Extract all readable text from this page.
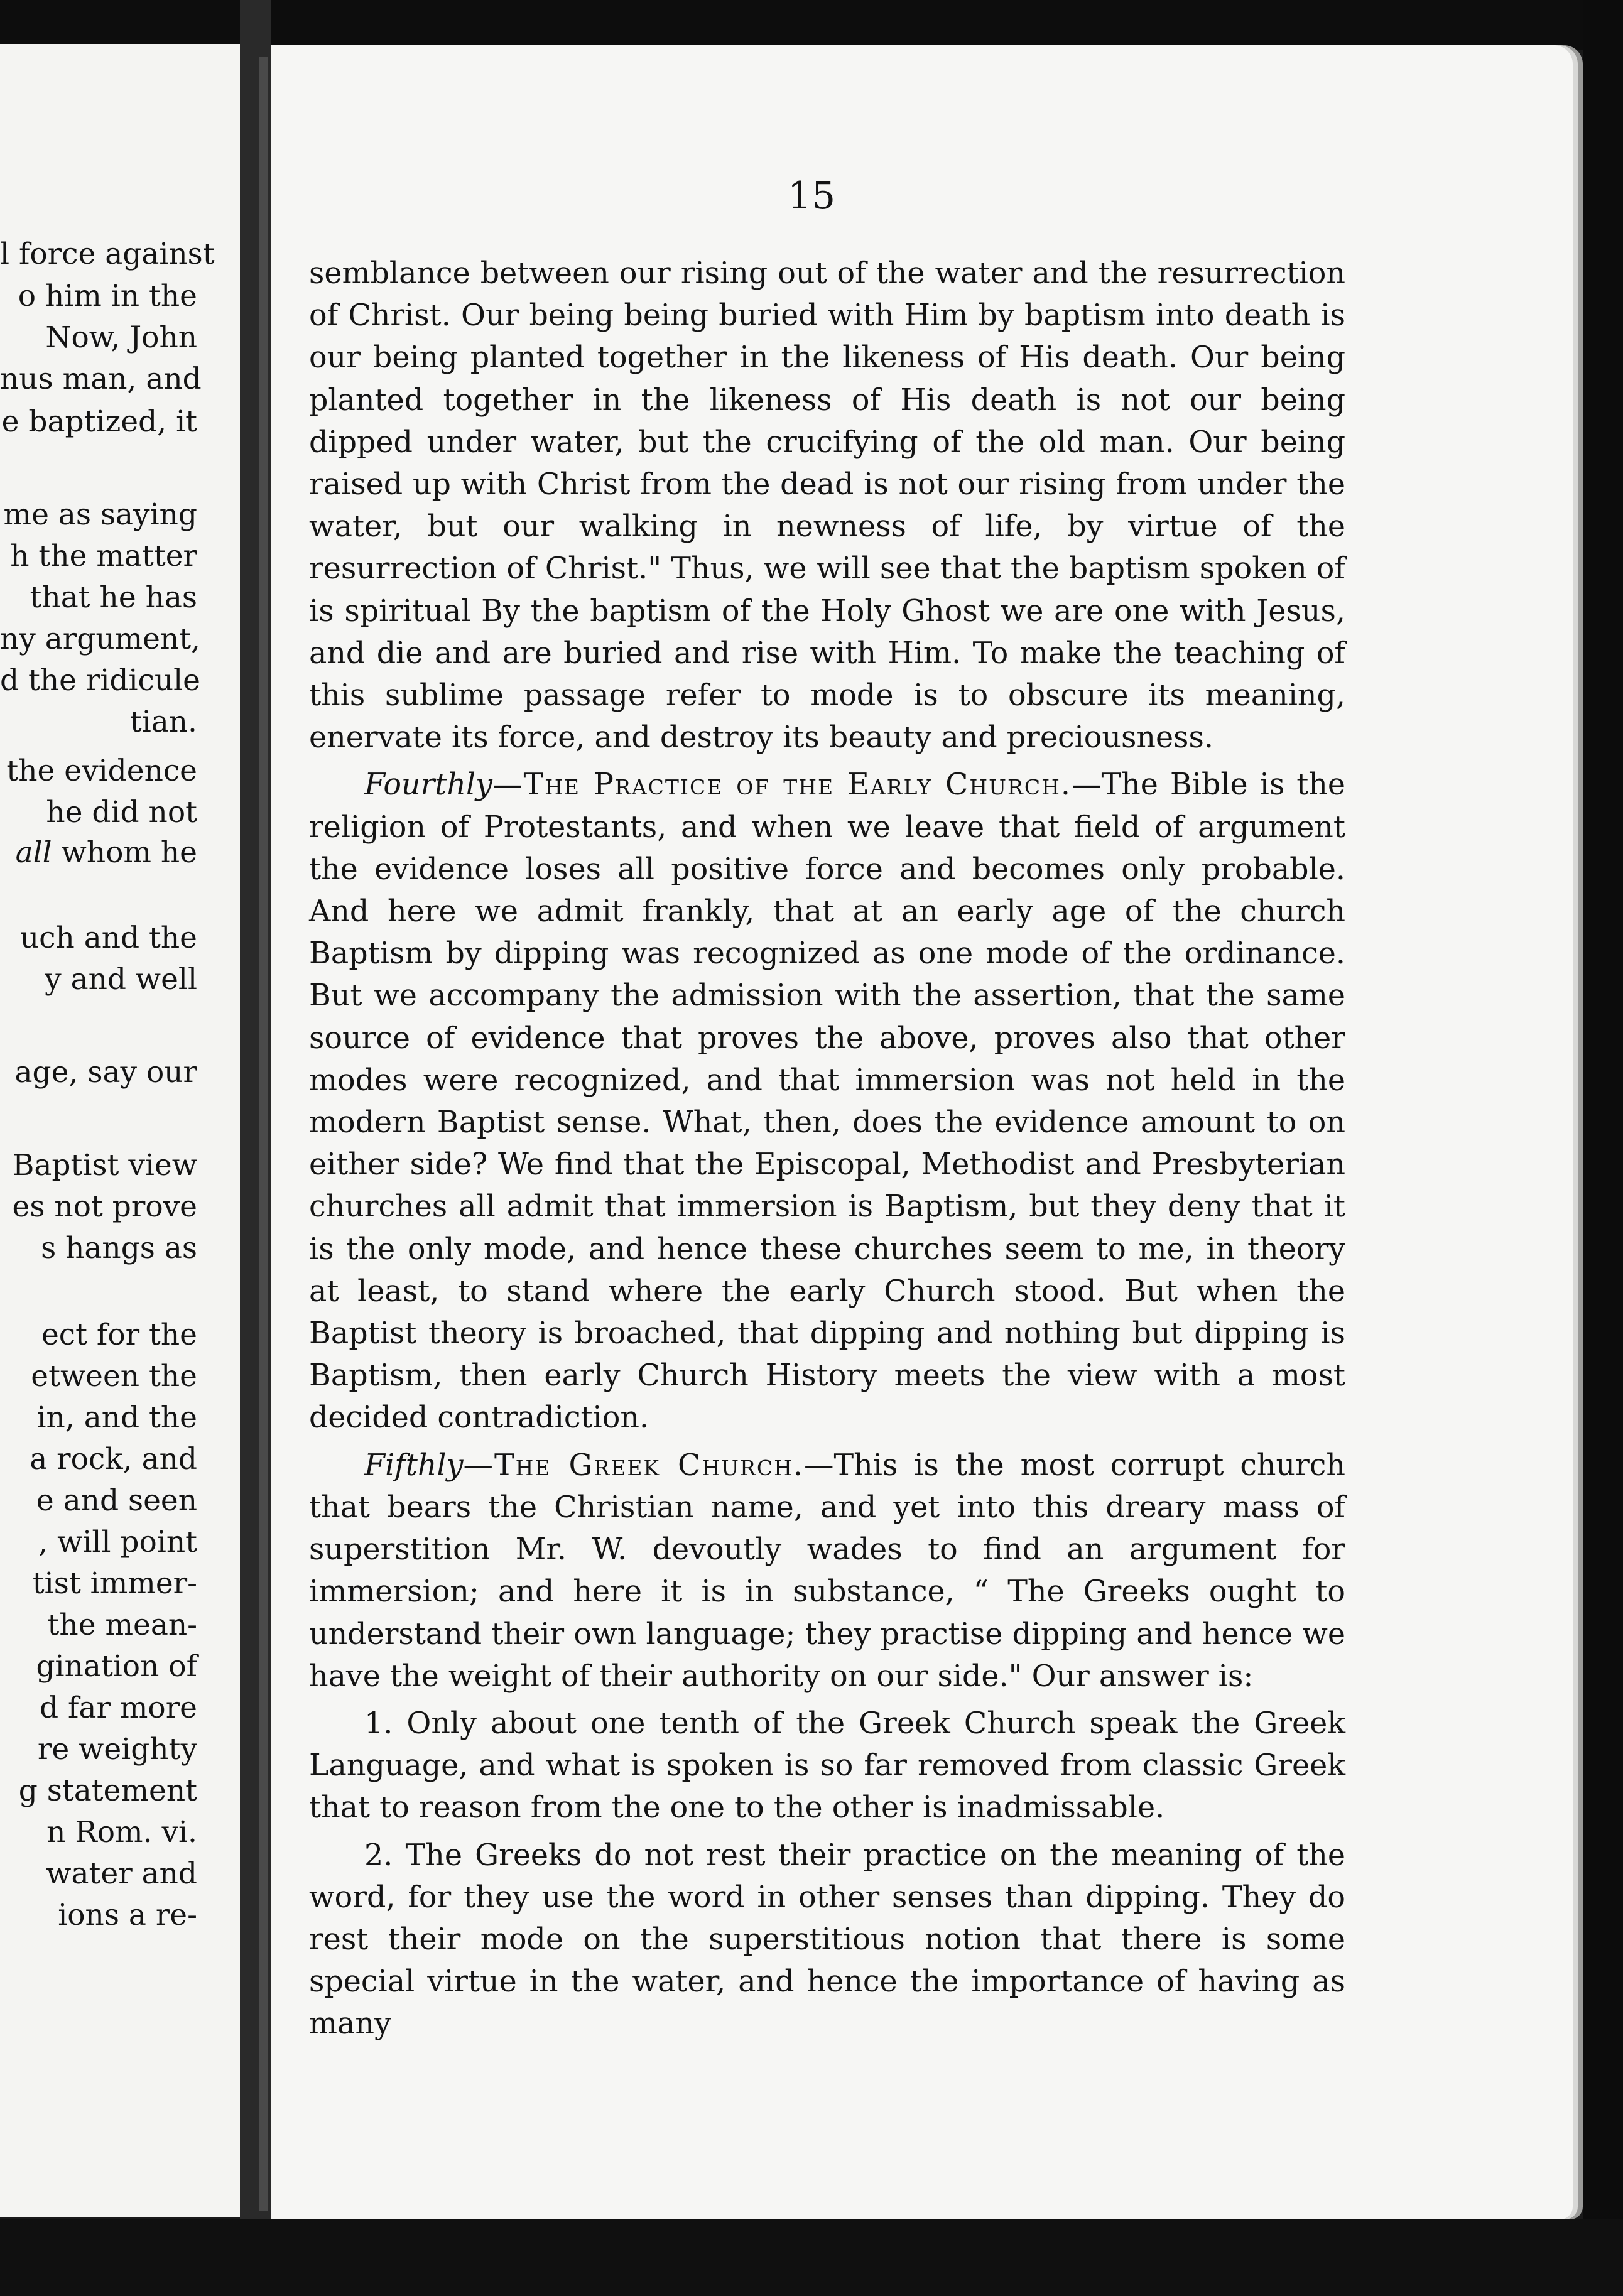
l force against
o him in the
Now, John
nus man, and
e baptized, it
me as saying
h the matter
that he has
ny argument,
d the ridicule
tian.
the evidence
he did not
all whom he
uch and the
y and well
age, say our
Baptist view
es not prove
s hangs as
ect for the
etween the
in, and the
a rock, and
e and seen
, will point
tist immer-
the mean-
gination of
d far more
re weighty
g statement
n Rom. vi.
water and
ions a re-
15

semblance between our rising out of the water and the resurrection of Christ. Our being being buried with Him by baptism into death is our being planted together in the likeness of His death. Our being planted together in the likeness of His death is not our being dipped under water, but the crucifying of the old man. Our being raised up with Christ from the dead is not our rising from under the water, but our walking in newness of life, by virtue of the resurrection of Christ." Thus, we will see that the baptism spoken of is spiritual By the baptism of the Holy Ghost we are one with Jesus, and die and are buried and rise with Him. To make the teaching of this sublime passage refer to mode is to obscure its meaning, enervate its force, and destroy its beauty and preciousness.

Fourthly—The Practice of the Early Church.—The Bible is the religion of Protestants, and when we leave that field of argument the evidence loses all positive force and becomes only probable. And here we admit frankly, that at an early age of the church Baptism by dipping was recognized as one mode of the ordinance. But we accompany the admission with the assertion, that the same source of evidence that proves the above, proves also that other modes were recognized, and that immersion was not held in the modern Baptist sense. What, then, does the evidence amount to on either side? We find that the Episcopal, Methodist and Presbyterian churches all admit that immersion is Baptism, but they deny that it is the only mode, and hence these churches seem to me, in theory at least, to stand where the early Church stood. But when the Baptist theory is broached, that dipping and nothing but dipping is Baptism, then early Church History meets the view with a most decided contradiction.

Fifthly—The Greek Church.—This is the most corrupt church that bears the Christian name, and yet into this dreary mass of superstition Mr. W. devoutly wades to find an argument for immersion; and here it is in substance, “ The Greeks ought to understand their own language; they practise dipping and hence we have the weight of their authority on our side." Our answer is:

1. Only about one tenth of the Greek Church speak the Greek Language, and what is spoken is so far removed from classic Greek that to reason from the one to the other is inadmissable.

2. The Greeks do not rest their practice on the meaning of the word, for they use the word in other senses than dipping. They do rest their mode on the superstitious notion that there is some special virtue in the water, and hence the importance of having as many
